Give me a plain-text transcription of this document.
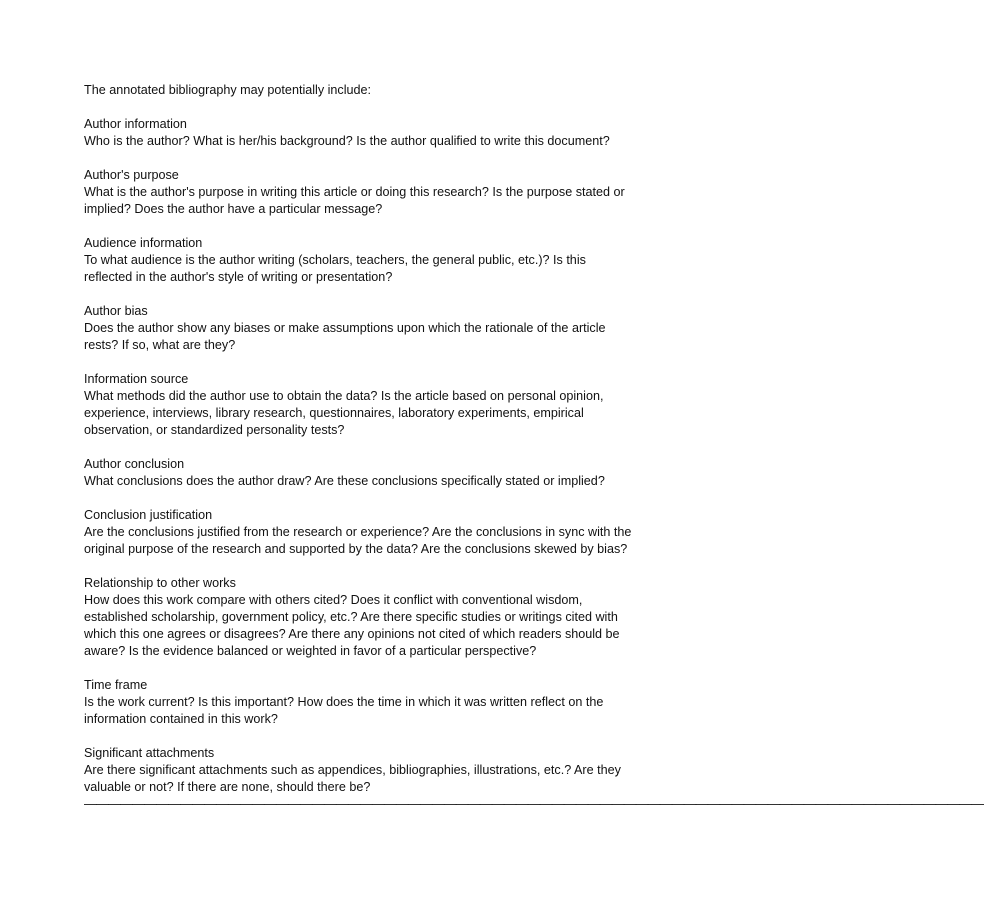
The annotated bibliography may potentially include:

Author information

Who is the author? What is her/his background? Is the author qualified to write this document?

Author's purpose

What is the author's purpose in writing this article or doing this research? Is the purpose stated or implied? Does the author have a particular message?

Audience information

To what audience is the author writing (scholars, teachers, the general public, etc.)? Is this reflected in the author's style of writing or presentation?

Author bias

Does the author show any biases or make assumptions upon which the rationale of the article rests? If so, what are they?

Information source

What methods did the author use to obtain the data? Is the article based on personal opinion, experience, interviews, library research, questionnaires, laboratory experiments, empirical observation, or standardized personality tests?

Author conclusion

What conclusions does the author draw? Are these conclusions specifically stated or implied?

Conclusion justification

Are the conclusions justified from the research or experience? Are the conclusions in sync with the original purpose of the research and supported by the data? Are the conclusions skewed by bias?

Relationship to other works

How does this work compare with others cited? Does it conflict with conventional wisdom, established scholarship, government policy, etc.? Are there specific studies or writings cited with which this one agrees or disagrees? Are there any opinions not cited of which readers should be aware? Is the evidence balanced or weighted in favor of a particular perspective?

Time frame

Is the work current? Is this important? How does the time in which it was written reflect on the information contained in this work?

Significant attachments

Are there significant attachments such as appendices, bibliographies, illustrations, etc.? Are they valuable or not? If there are none, should there be?

———————————————————————————————————————————————————————————————————————————
